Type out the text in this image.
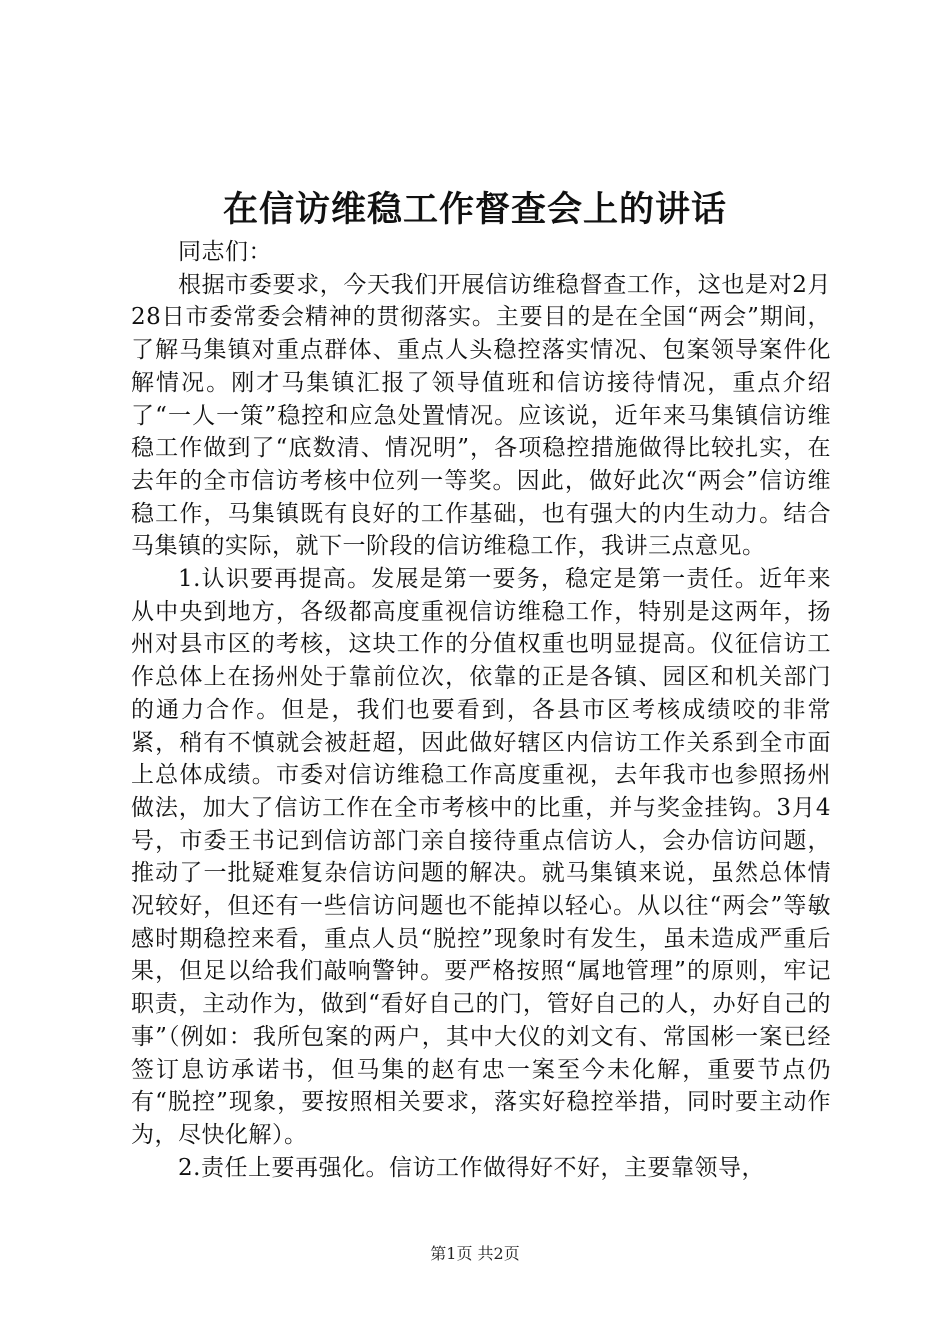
在信访维稳工作督查会上的讲话

同志们：

根据市委要求，今天我们开展信访维稳督查工作，这也是对2月28日市委常委会精神的贯彻落实。主要目的是在全国“两会”期间，了解马集镇对重点群体、重点人头稳控落实情况、包案领导案件化解情况。刚才马集镇汇报了领导值班和信访接待情况，重点介绍了“一人一策”稳控和应急处置情况。应该说，近年来马集镇信访维稳工作做到了“底数清、情况明”，各项稳控措施做得比较扎实，在去年的全市信访考核中位列一等奖。因此，做好此次“两会”信访维稳工作，马集镇既有良好的工作基础，也有强大的内生动力。结合马集镇的实际，就下一阶段的信访维稳工作，我讲三点意见。

1.认识要再提高。发展是第一要务，稳定是第一责任。近年来从中央到地方，各级都高度重视信访维稳工作，特别是这两年，扬州对县市区的考核，这块工作的分值权重也明显提高。仪征信访工作总体上在扬州处于靠前位次，依靠的正是各镇、园区和机关部门的通力合作。但是，我们也要看到，各县市区考核成绩咬的非常紧，稍有不慎就会被赶超，因此做好辖区内信访工作关系到全市面上总体成绩。市委对信访维稳工作高度重视，去年我市也参照扬州做法，加大了信访工作在全市考核中的比重，并与奖金挂钩。3月4号，市委王书记到信访部门亲自接待重点信访人，会办信访问题，推动了一批疑难复杂信访问题的解决。就马集镇来说，虽然总体情况较好，但还有一些信访问题也不能掉以轻心。从以往“两会”等敏感时期稳控来看，重点人员“脱控”现象时有发生，虽未造成严重后果，但足以给我们敲响警钟。要严格按照“属地管理”的原则，牢记职责，主动作为，做到“看好自己的门，管好自己的人，办好自己的事”（例如：我所包案的两户，其中大仪的刘文有、常国彬一案已经签订息访承诺书，但马集的赵有忠一案至今未化解，重要节点仍有“脱控”现象，要按照相关要求，落实好稳控举措，同时要主动作为，尽快化解）。

2.责任上要再强化。信访工作做得好不好，主要靠领导，

第1页 共2页
